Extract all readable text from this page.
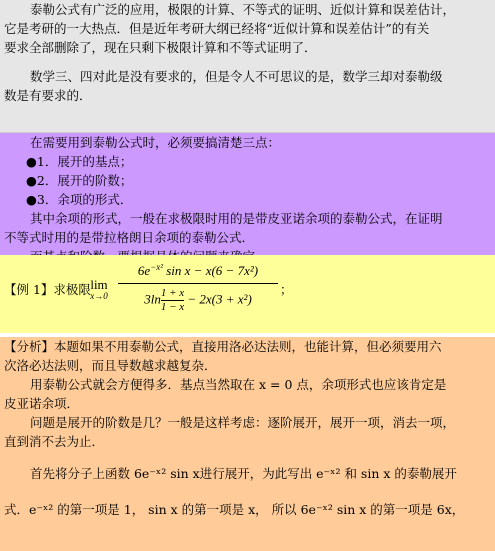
泰勒公式有广泛的应用，极限的计算、不等式的证明、近似计算和误差估计，
它是考研的一大热点．但是近年考研大纲已经将“近似计算和误差估计”的有关
要求全部删除了，现在只剩下极限计算和不等式证明了．
数学三、四对此是没有要求的，但是令人不可思议的是，数学三却对泰勒级
数是有要求的．
在需要用到泰勒公式时，必须要搞清楚三点：
●1．展开的基点；
●2．展开的阶数；
●3．余项的形式．
其中余项的形式，一般在求极限时用的是带皮亚诺余项的泰勒公式，在证明
不等式时用的是带拉格朗日余项的泰勒公式．
【例 1】求极限 lim
x→0
$6e^{-x^2}$ sin x − x(6 − 7x²)
$3\ln\frac{1 + x}{1 - x} - 2x(3 + x^2)$
；
【分析】本题如果不用泰勒公式，直接用洛必达法则，也能计算，但必须要用六
次洛必达法则，而且导数越求越复杂．
用泰勒公式就会方便得多．基点当然取在 x = 0 点，余项形式也应该肯定是
皮亚诺余项．
问题是展开的阶数是几？一般是这样考虑：逐阶展开，展开一项，消去一项，
直到消不去为止．
首先将分子上函数 6e⁻ˣ² sin x进行展开，为此写出 e⁻ˣ² 和 sin x 的泰勒展开
式．e⁻ˣ² 的第一项是 1， sin x 的第一项是 x， 所以 6e⁻ˣ² sin x 的第一项是 6x，
